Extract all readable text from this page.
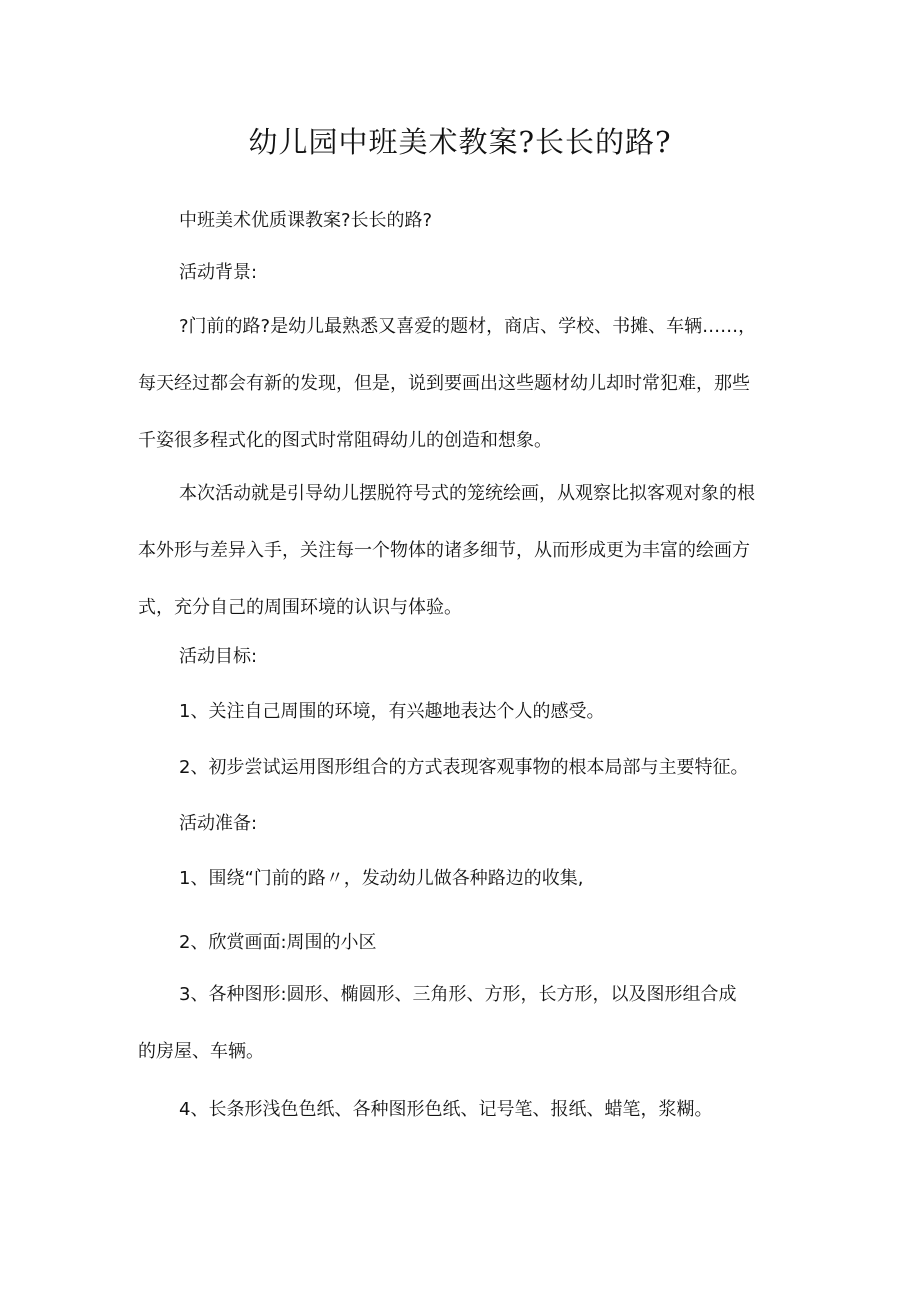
幼儿园中班美术教案?长长的路?
中班美术优质课教案?长长的路?
活动背景:
?门前的路?是幼儿最熟悉又喜爱的题材，商店、学校、书摊、车辆……，
每天经过都会有新的发现，但是，说到要画出这些题材幼儿却时常犯难，那些
千姿很多程式化的图式时常阻碍幼儿的创造和想象。
本次活动就是引导幼儿摆脱符号式的笼统绘画，从观察比拟客观对象的根
本外形与差异入手，关注每一个物体的诸多细节，从而形成更为丰富的绘画方
式，充分自己的周围环境的认识与体验。
活动目标:
1、关注自己周围的环境，有兴趣地表达个人的感受。
2、初步尝试运用图形组合的方式表现客观事物的根本局部与主要特征。
活动准备:
1、围绕“门前的路〃，发动幼儿做各种路边的收集,
2、欣赏画面:周围的小区
3、各种图形:圆形、椭圆形、三角形、方形，长方形，以及图形组合成
的房屋、车辆。
4、长条形浅色色纸、各种图形色纸、记号笔、报纸、蜡笔，浆糊。
